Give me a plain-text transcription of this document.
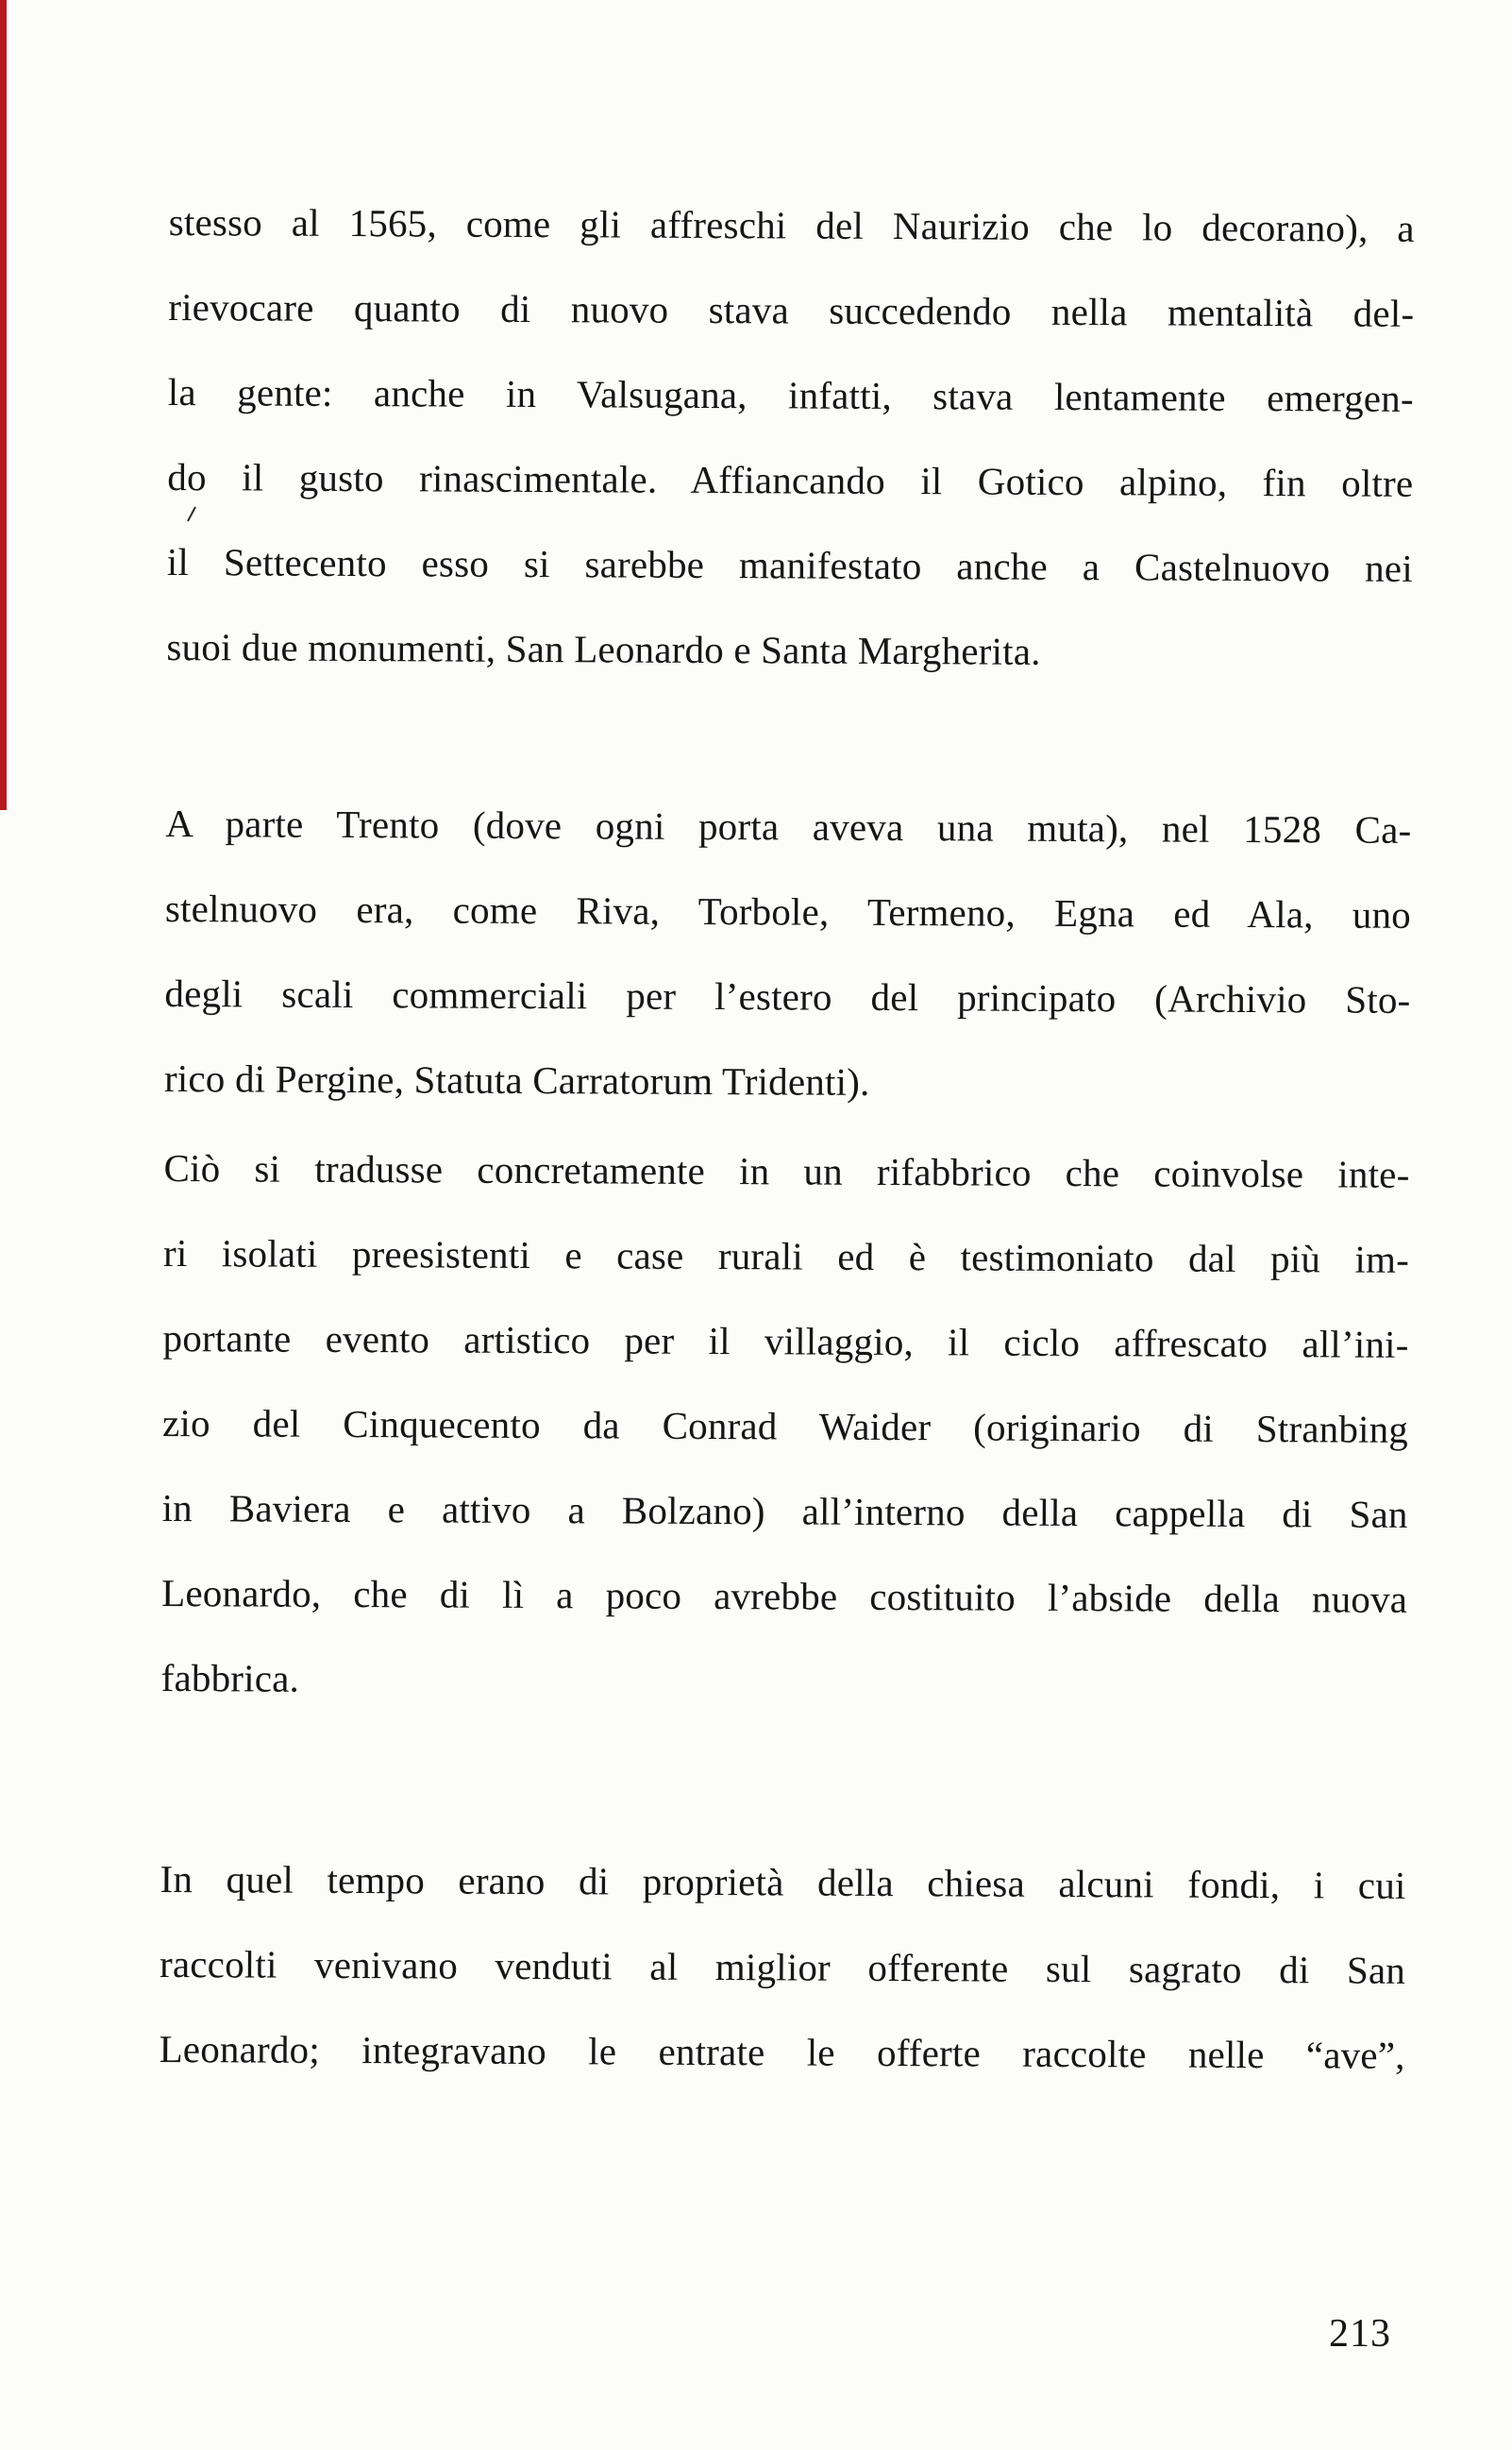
stesso al 1565, come gli affreschi del Naurizio che lo decorano), a
rievocare quanto di nuovo stava succedendo nella mentalità del-
la gente: anche in Valsugana, infatti, stava lentamente emergen-
do il gusto rinascimentale. Affiancando il Gotico alpino, fin oltre
il Settecento esso si sarebbe manifestato anche a Castelnuovo nei
suoi due monumenti, San Leonardo e Santa Margherita.
A parte Trento (dove ogni porta aveva una muta), nel 1528 Ca-
stelnuovo era, come Riva, Torbole, Termeno, Egna ed Ala, uno
degli scali commerciali per l’estero del principato (Archivio Sto-
rico di Pergine, Statuta Carratorum Tridenti).
Ciò si tradusse concretamente in un rifabbrico che coinvolse inte-
ri isolati preesistenti e case rurali ed è testimoniato dal più im-
portante evento artistico per il villaggio, il ciclo affrescato all’ini-
zio del Cinquecento da Conrad Waider (originario di Stranbing
in Baviera e attivo a Bolzano) all’interno della cappella di San
Leonardo, che di lì a poco avrebbe costituito l’abside della nuova
fabbrica.
In quel tempo erano di proprietà della chiesa alcuni fondi, i cui
raccolti venivano venduti al miglior offerente sul sagrato di San
Leonardo; integravano le entrate le offerte raccolte nelle “ave”,
213
